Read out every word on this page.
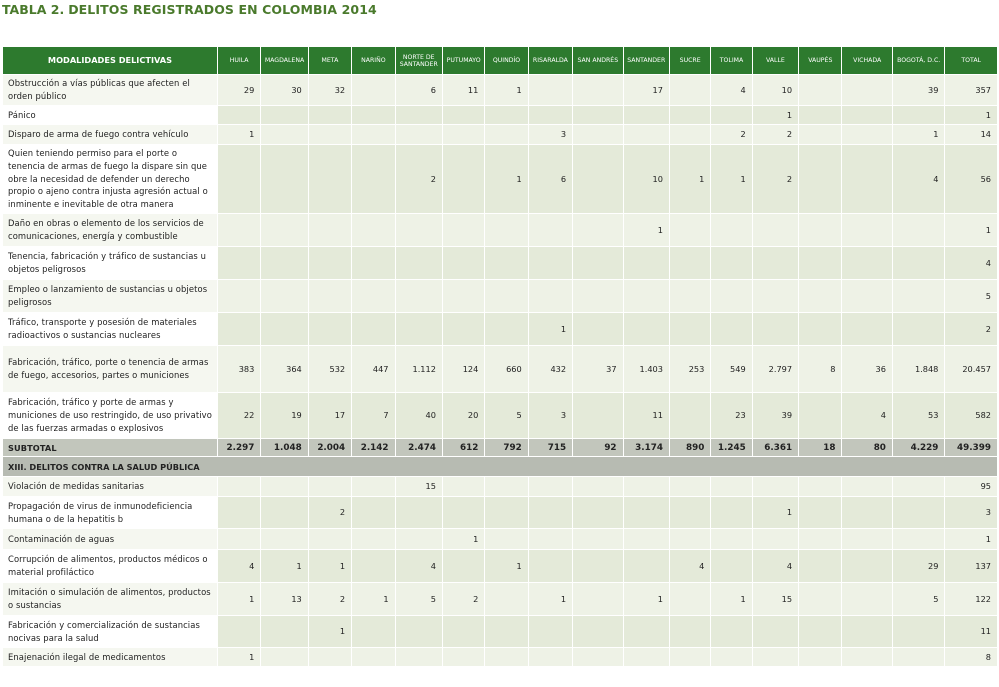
TABLA 2. DELITOS REGISTRADOS EN COLOMBIA 2014
MODALIDADES DELICTIVAS	HUILA	MAGDALENA	META	NARIÑO	NORTE DE SANTANDER	PUTUMAYO	QUINDÍO	RISARALDA	SAN ANDRÉS	SANTANDER	SUCRE	TOLIMA	VALLE	VAUPÉS	VICHADA	BOGOTÁ, D.C.	TOTAL
Obstrucción a vías públicas que afecten el orden público	29	30	32		6	11	1			17		4	10			39	357
Pánico													1				1
Disparo de arma de fuego contra vehículo	1							3				2	2			1	14
Quien teniendo permiso para el porte o tenencia de armas de fuego la dispare sin que obre la necesidad de defender un derecho propio o ajeno contra injusta agresión actual o inminente e inevitable de otra manera					2		1	6		10	1	1	2			4	56
Daño en obras o elemento de los servicios de comunicaciones, energía y combustible										1							1
Tenencia, fabricación y tráfico de sustancias u objetos peligrosos																	4
Empleo o lanzamiento de sustancias u objetos peligrosos																	5
Tráfico, transporte y posesión de materiales radioactivos o sustancias nucleares								1									2
Fabricación, tráfico, porte o tenencia de armas de fuego, accesorios, partes o municiones	383	364	532	447	1.112	124	660	432	37	1.403	253	549	2.797	8	36	1.848	20.457
Fabricación, tráfico y porte de armas y municiones de uso restringido, de uso privativo de las fuerzas armadas o explosivos	22	19	17	7	40	20	5	3		11		23	39		4	53	582
SUBTOTAL	2.297	1.048	2.004	2.142	2.474	612	792	715	92	3.174	890	1.245	6.361	18	80	4.229	49.399
XIII. DELITOS CONTRA LA SALUD PÚBLICA																	
Violación de medidas sanitarias					15												95
Propagación de virus de inmunodeficiencia humana o de la hepatitis b			2										1				3
Contaminación de aguas						1											1
Corrupción de alimentos, productos médicos o material profiláctico	4	1	1		4		1				4		4			29	137
Imitación o simulación de alimentos, productos o sustancias	1	13	2	1	5	2		1		1		1	15			5	122
Fabricación y comercialización de sustancias nocivas para la salud			1														11
Enajenación ilegal de medicamentos	1																8
